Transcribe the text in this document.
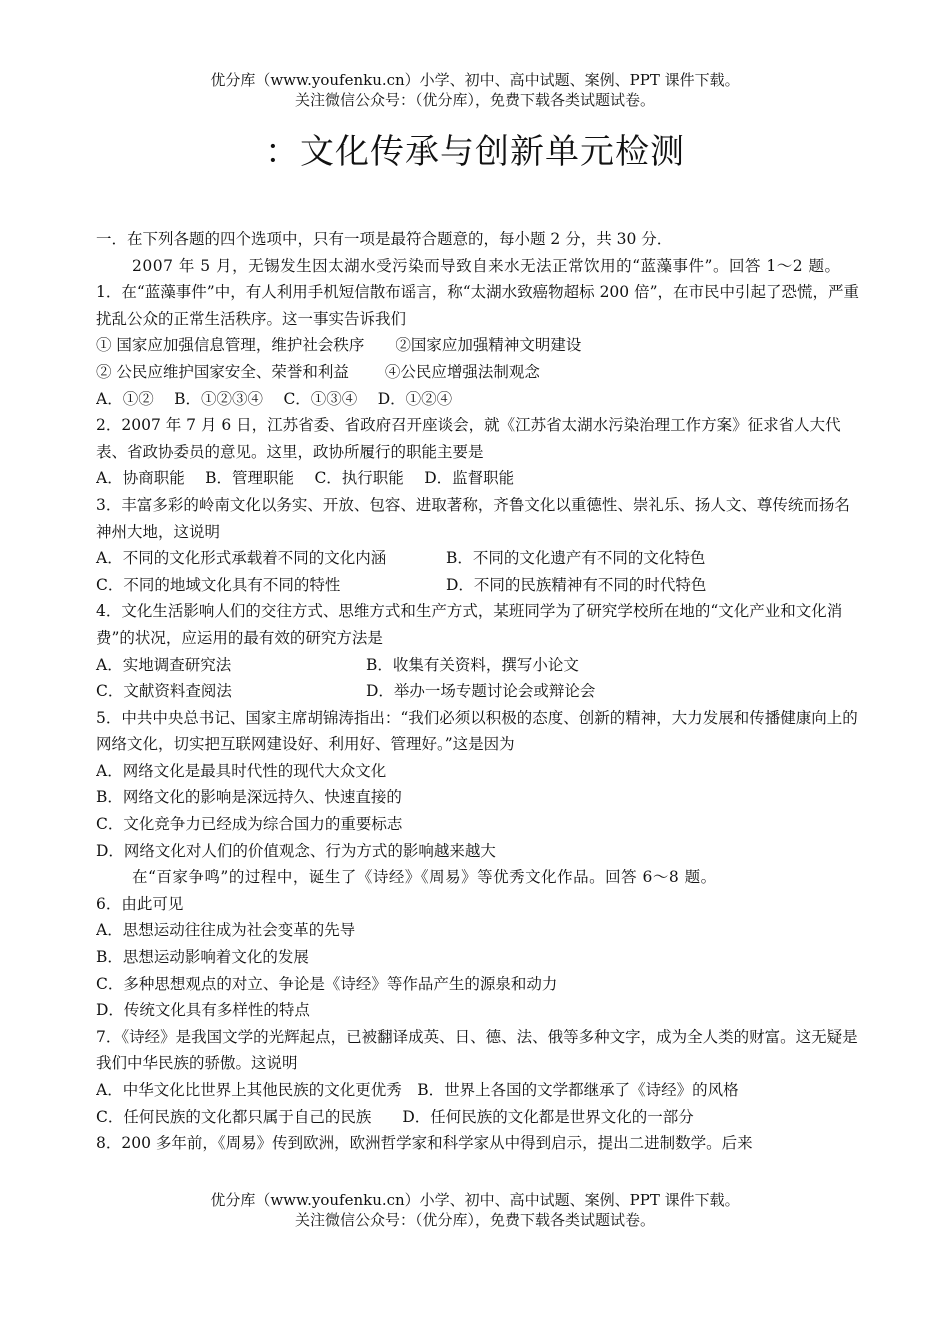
优分库（www.youfenku.cn）小学、初中、高中试题、案例、PPT 课件下载。
关注微信公众号：（优分库），免费下载各类试题试卷。
：文化传承与创新单元检测
一．在下列各题的四个选项中，只有一项是最符合题意的，每小题 2 分，共 30 分．
2007 年 5 月，无锡发生因太湖水受污染而导致自来水无法正常饮用的“蓝藻事件”。回答 1～2 题。
1．在“蓝藻事件”中，有人利用手机短信散布谣言，称“太湖水致癌物超标 200 倍”，在市民中引起了恐慌，严重扰乱公众的正常生活秩序。这一事实告诉我们
① 国家应加强信息管理，维护社会秩序　　②国家应加强精神文明建设
② 公民应维护国家安全、荣誉和利益　　 ④公民应增强法制观念
A．①②　 B．①②③④　 C．①③④　 D．①②④
2．2007 年 7 月 6 日，江苏省委、省政府召开座谈会，就《江苏省太湖水污染治理工作方案》征求省人大代表、省政协委员的意见。这里，政协所履行的职能主要是
A．协商职能　 B．管理职能　 C．执行职能　 D．监督职能
3．丰富多彩的岭南文化以务实、开放、包容、进取著称，齐鲁文化以重德性、崇礼乐、扬人文、尊传统而扬名神州大地，这说明
A．不同的文化形式承载着不同的文化内涵	B．不同的文化遗产有不同的文化特色
C．不同的地域文化具有不同的特性	D．不同的民族精神有不同的时代特色
4．文化生活影响人们的交往方式、思维方式和生产方式，某班同学为了研究学校所在地的“文化产业和文化消费”的状况，应运用的最有效的研究方法是
A．实地调查研究法	B．收集有关资料，撰写小论文
C．文献资料查阅法	D．举办一场专题讨论会或辩论会
5．中共中央总书记、国家主席胡锦涛指出：“我们必须以积极的态度、创新的精神，大力发展和传播健康向上的网络文化，切实把互联网建设好、利用好、管理好。”这是因为
A．网络文化是最具时代性的现代大众文化
B．网络文化的影响是深远持久、快速直接的
C．文化竞争力已经成为综合国力的重要标志
D．网络文化对人们的价值观念、行为方式的影响越来越大
在“百家争鸣”的过程中，诞生了《诗经》《周易》等优秀文化作品。回答 6～8 题。
6．由此可见
A．思想运动往往成为社会变革的先导
B．思想运动影响着文化的发展
C．多种思想观点的对立、争论是《诗经》等作品产生的源泉和动力
D．传统文化具有多样性的特点
7．《诗经》是我国文学的光辉起点，已被翻译成英、日、德、法、俄等多种文字，成为全人类的财富。这无疑是我们中华民族的骄傲。这说明
A．中华文化比世界上其他民族的文化更优秀　B．世界上各国的文学都继承了《诗经》的风格
C．任何民族的文化都只属于自己的民族　　D．任何民族的文化都是世界文化的一部分
8．200 多年前，《周易》传到欧洲，欧洲哲学家和科学家从中得到启示，提出二进制数学。后来
优分库（www.youfenku.cn）小学、初中、高中试题、案例、PPT 课件下载。
关注微信公众号：（优分库），免费下载各类试题试卷。
